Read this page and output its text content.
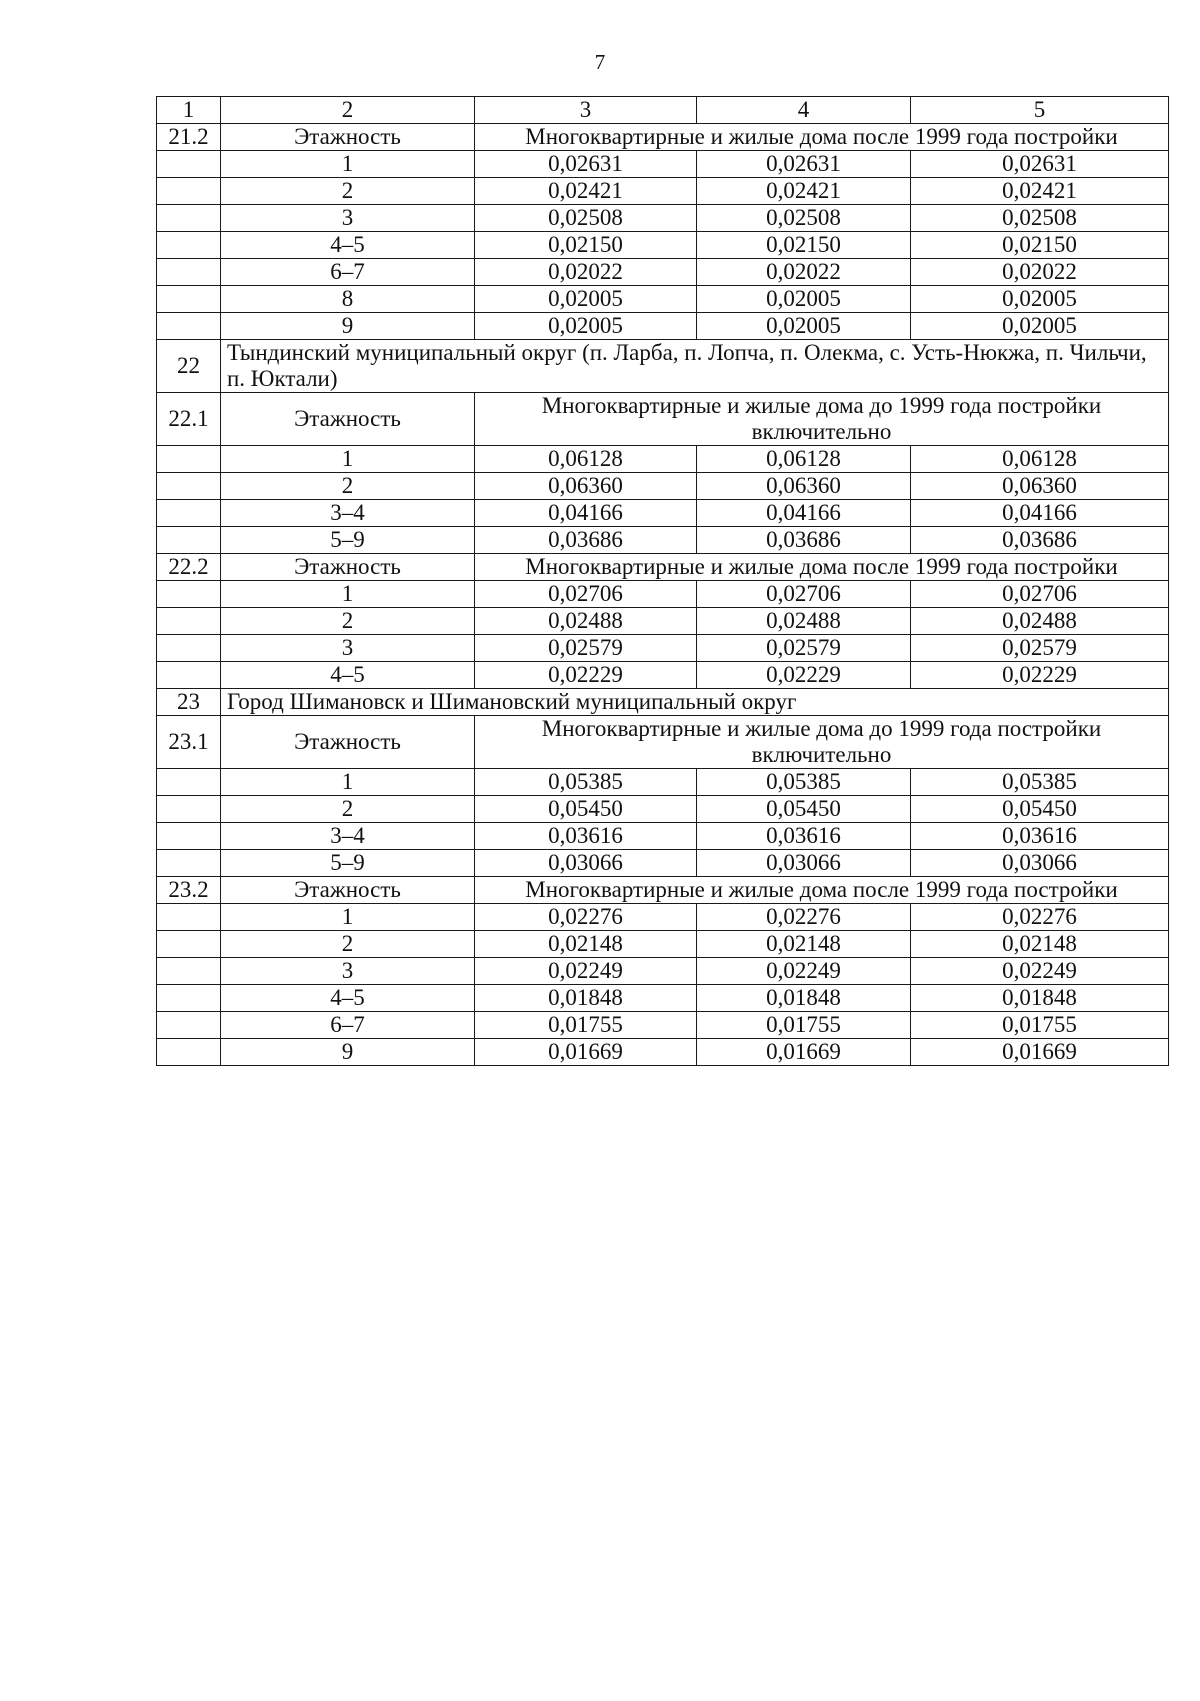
7
1	2	3	4	5
21.2	Этажность	Многоквартирные и жилые дома после 1999 года постройки		
	1	0,02631	0,02631	0,02631
	2	0,02421	0,02421	0,02421
	3	0,02508	0,02508	0,02508
	4–5	0,02150	0,02150	0,02150
	6–7	0,02022	0,02022	0,02022
	8	0,02005	0,02005	0,02005
	9	0,02005	0,02005	0,02005
22	Тындинский муниципальный округ (п. Ларба, п. Лопча, п. Олекма, с. Усть-Нюкжа, п. Чильчи, п. Юктали)			
22.1	Этажность	Многоквартирные и жилые дома до 1999 года постройки включительно		
	1	0,06128	0,06128	0,06128
	2	0,06360	0,06360	0,06360
	3–4	0,04166	0,04166	0,04166
	5–9	0,03686	0,03686	0,03686
22.2	Этажность	Многоквартирные и жилые дома после 1999 года постройки		
	1	0,02706	0,02706	0,02706
	2	0,02488	0,02488	0,02488
	3	0,02579	0,02579	0,02579
	4–5	0,02229	0,02229	0,02229
23	Город Шимановск и Шимановский муниципальный округ			
23.1	Этажность	Многоквартирные и жилые дома до 1999 года постройки включительно		
	1	0,05385	0,05385	0,05385
	2	0,05450	0,05450	0,05450
	3–4	0,03616	0,03616	0,03616
	5–9	0,03066	0,03066	0,03066
23.2	Этажность	Многоквартирные и жилые дома после 1999 года постройки		
	1	0,02276	0,02276	0,02276
	2	0,02148	0,02148	0,02148
	3	0,02249	0,02249	0,02249
	4–5	0,01848	0,01848	0,01848
	6–7	0,01755	0,01755	0,01755
	9	0,01669	0,01669	0,01669
